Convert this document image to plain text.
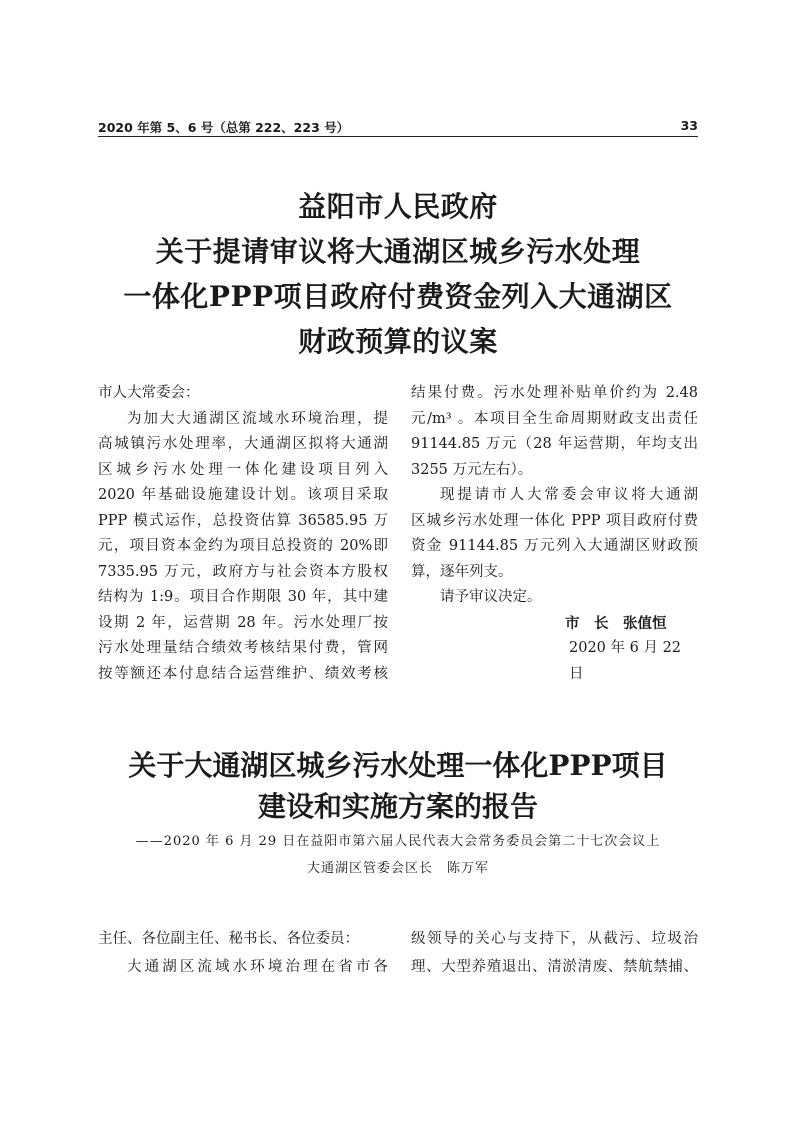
2020 年第 5、6 号（总第 222、223 号）	33
益阳市人民政府
关于提请审议将大通湖区城乡污水处理
一体化PPP项目政府付费资金列入大通湖区
财政预算的议案

市人大常委会：

为加大大通湖区流域水环境治理，提

高城镇污水处理率，大通湖区拟将大通湖

区城乡污水处理一体化建设项目列入

2020 年基础设施建设计划。该项目采取

PPP 模式运作，总投资估算 36585.95 万

元，项目资本金约为项目总投资的 20%即

7335.95 万元，政府方与社会资本方股权

结构为 1:9。项目合作期限 30 年，其中建

设期 2 年，运营期 28 年。污水处理厂按

污水处理量结合绩效考核结果付费，管网

按等额还本付息结合运营维护、绩效考核

结果付费。污水处理补贴单价约为 2.48

元/m³ 。本项目全生命周期财政支出责任

91144.85 万元（28 年运营期，年均支出

3255 万元左右）。

现提请市人大常委会审议将大通湖

区城乡污水处理一体化 PPP 项目政府付费

资金 91144.85 万元列入大通湖区财政预

算，逐年列支。

请予审议决定。

市　长　张值恒

2020 年 6 月 22 日

关于大通湖区城乡污水处理一体化PPP项目
建设和实施方案的报告
——2020 年 6 月 29 日在益阳市第六届人民代表大会常务委员会第二十七次会议上
大通湖区管委会区长　陈万军

主任、各位副主任、秘书长、各位委员：

大通湖区流域水环境治理在省市各

级领导的关心与支持下，从截污、垃圾治

理、大型养殖退出、清淤清废、禁航禁捕、
